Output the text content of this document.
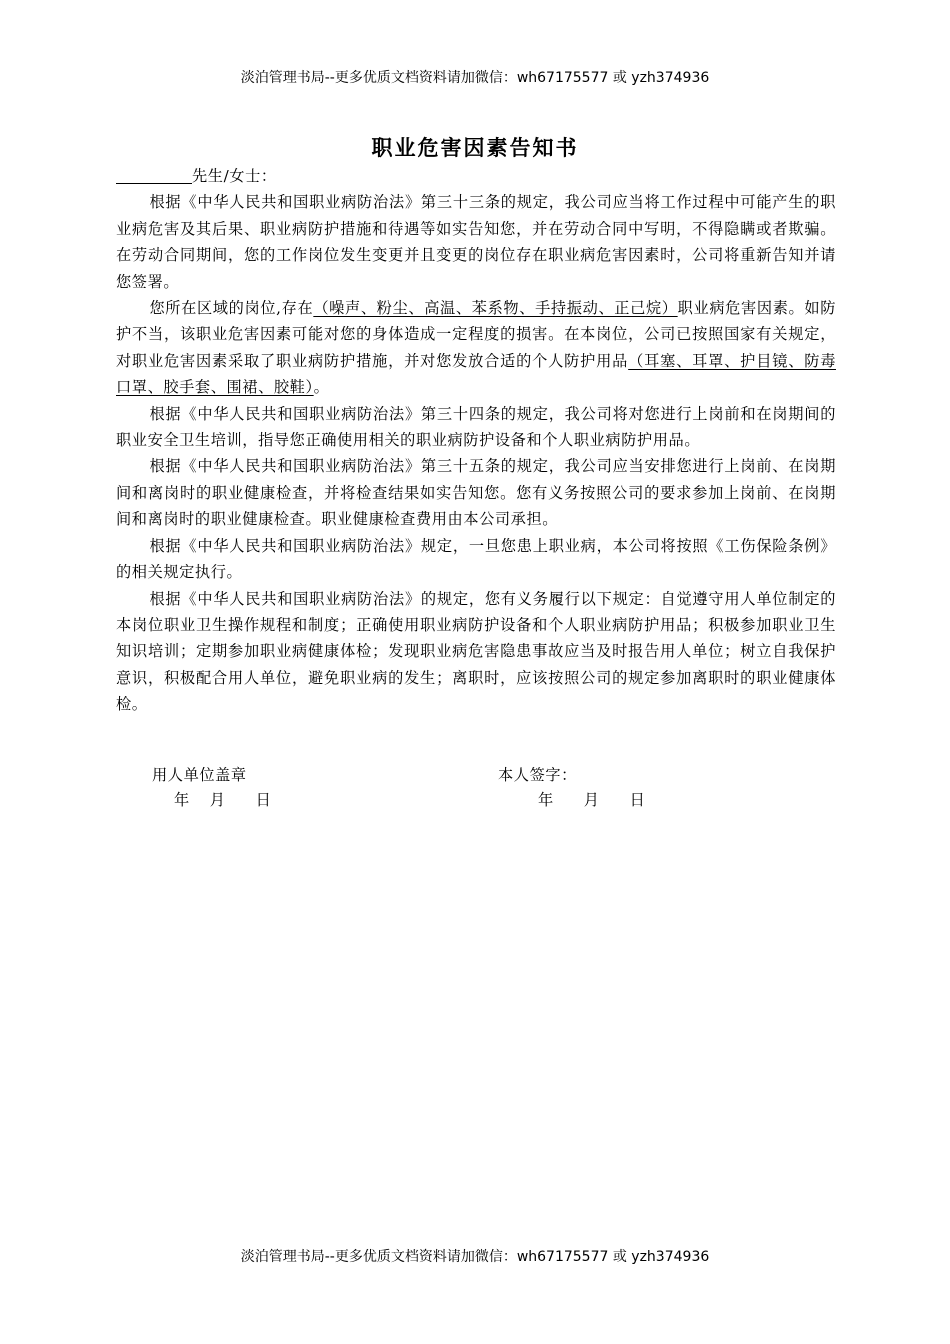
淡泊管理书局--更多优质文档资料请加微信：wh67175577 或 yzh374936
职业危害因素告知书

先生/女士：

根据《中华人民共和国职业病防治法》第三十三条的规定，我公司应当将工作过程中可能产生的职业病危害及其后果、职业病防护措施和待遇等如实告知您，并在劳动合同中写明，不得隐瞒或者欺骗。在劳动合同期间，您的工作岗位发生变更并且变更的岗位存在职业病危害因素时，公司将重新告知并请您签署。

您所在区域的岗位,存在（噪声、粉尘、高温、苯系物、手持振动、正己烷）职业病危害因素。如防护不当，该职业危害因素可能对您的身体造成一定程度的损害。在本岗位，公司已按照国家有关规定，对职业危害因素采取了职业病防护措施，并对您发放合适的个人防护用品（耳塞、耳罩、护目镜、防毒口罩、胶手套、围裙、胶鞋）。

根据《中华人民共和国职业病防治法》第三十四条的规定，我公司将对您进行上岗前和在岗期间的职业安全卫生培训，指导您正确使用相关的职业病防护设备和个人职业病防护用品。

根据《中华人民共和国职业病防治法》第三十五条的规定，我公司应当安排您进行上岗前、在岗期间和离岗时的职业健康检查，并将检查结果如实告知您。您有义务按照公司的要求参加上岗前、在岗期间和离岗时的职业健康检查。职业健康检查费用由本公司承担。

根据《中华人民共和国职业病防治法》规定，一旦您患上职业病，本公司将按照《工伤保险条例》的相关规定执行。

根据《中华人民共和国职业病防治法》的规定，您有义务履行以下规定：自觉遵守用人单位制定的本岗位职业卫生操作规程和制度；正确使用职业病防护设备和个人职业病防护用品；积极参加职业卫生知识培训；定期参加职业病健康体检；发现职业病危害隐患事故应当及时报告用人单位；树立自我保护意识，积极配合用人单位，避免职业病的发生；离职时，应该按照公司的规定参加离职时的职业健康体检。

用人单位盖章	本人签字：
年 月 日	年 月 日
淡泊管理书局--更多优质文档资料请加微信：wh67175577 或 yzh374936
